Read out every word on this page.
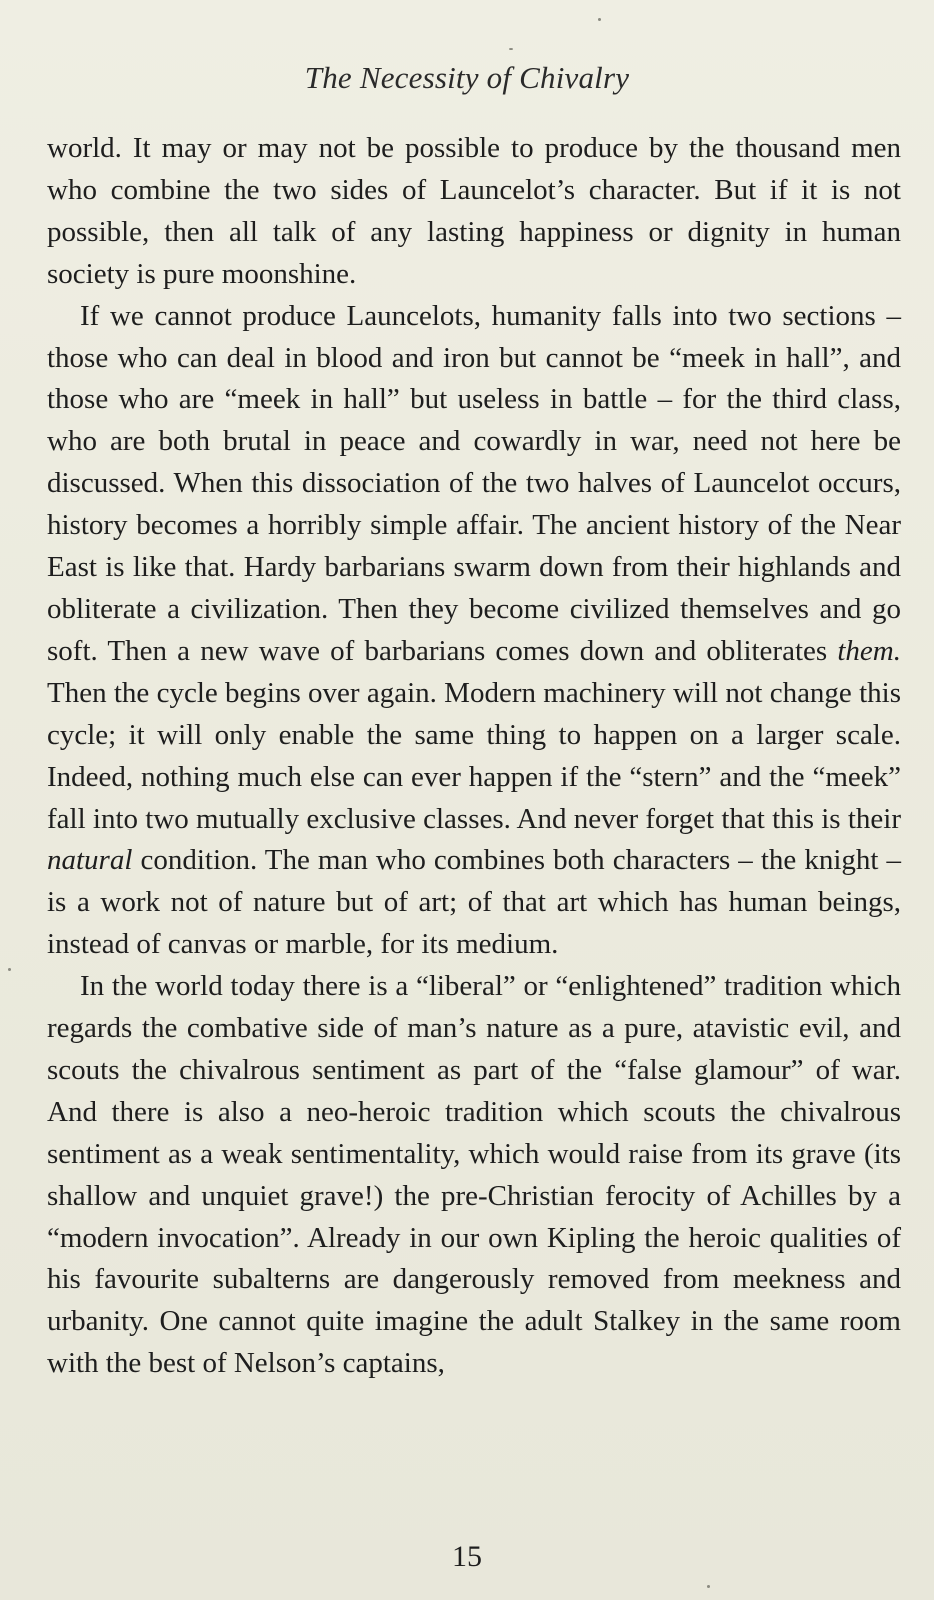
The Necessity of Chivalry

world. It may or may not be possible to produce by the thousand men who combine the two sides of Launcelot’s character. But if it is not possible, then all talk of any lasting happiness or dignity in human society is pure moonshine.

If we cannot produce Launcelots, humanity falls into two sections – those who can deal in blood and iron but cannot be “meek in hall”, and those who are “meek in hall” but useless in battle – for the third class, who are both brutal in peace and cowardly in war, need not here be discussed. When this dissociation of the two halves of Launcelot occurs, history becomes a horribly simple affair. The ancient history of the Near East is like that. Hardy barbarians swarm down from their highlands and obliterate a civilization. Then they become civilized themselves and go soft. Then a new wave of barbarians comes down and obliterates them. Then the cycle begins over again. Modern machinery will not change this cycle; it will only enable the same thing to happen on a larger scale. Indeed, nothing much else can ever happen if the “stern” and the “meek” fall into two mutually exclusive classes. And never forget that this is their natural condition. The man who combines both characters – the knight – is a work not of nature but of art; of that art which has human beings, instead of canvas or marble, for its medium.

In the world today there is a “liberal” or “enlightened” tradition which regards the combative side of man’s nature as a pure, atavistic evil, and scouts the chivalrous sentiment as part of the “false glamour” of war. And there is also a neo-heroic tradition which scouts the chivalrous sentiment as a weak sentimentality, which would raise from its grave (its shallow and unquiet grave!) the pre-Christian ferocity of Achilles by a “modern invocation”. Already in our own Kipling the heroic qualities of his favourite subalterns are dangerously removed from meekness and urbanity. One cannot quite imagine the adult Stalkey in the same room with the best of Nelson’s captains,

15
